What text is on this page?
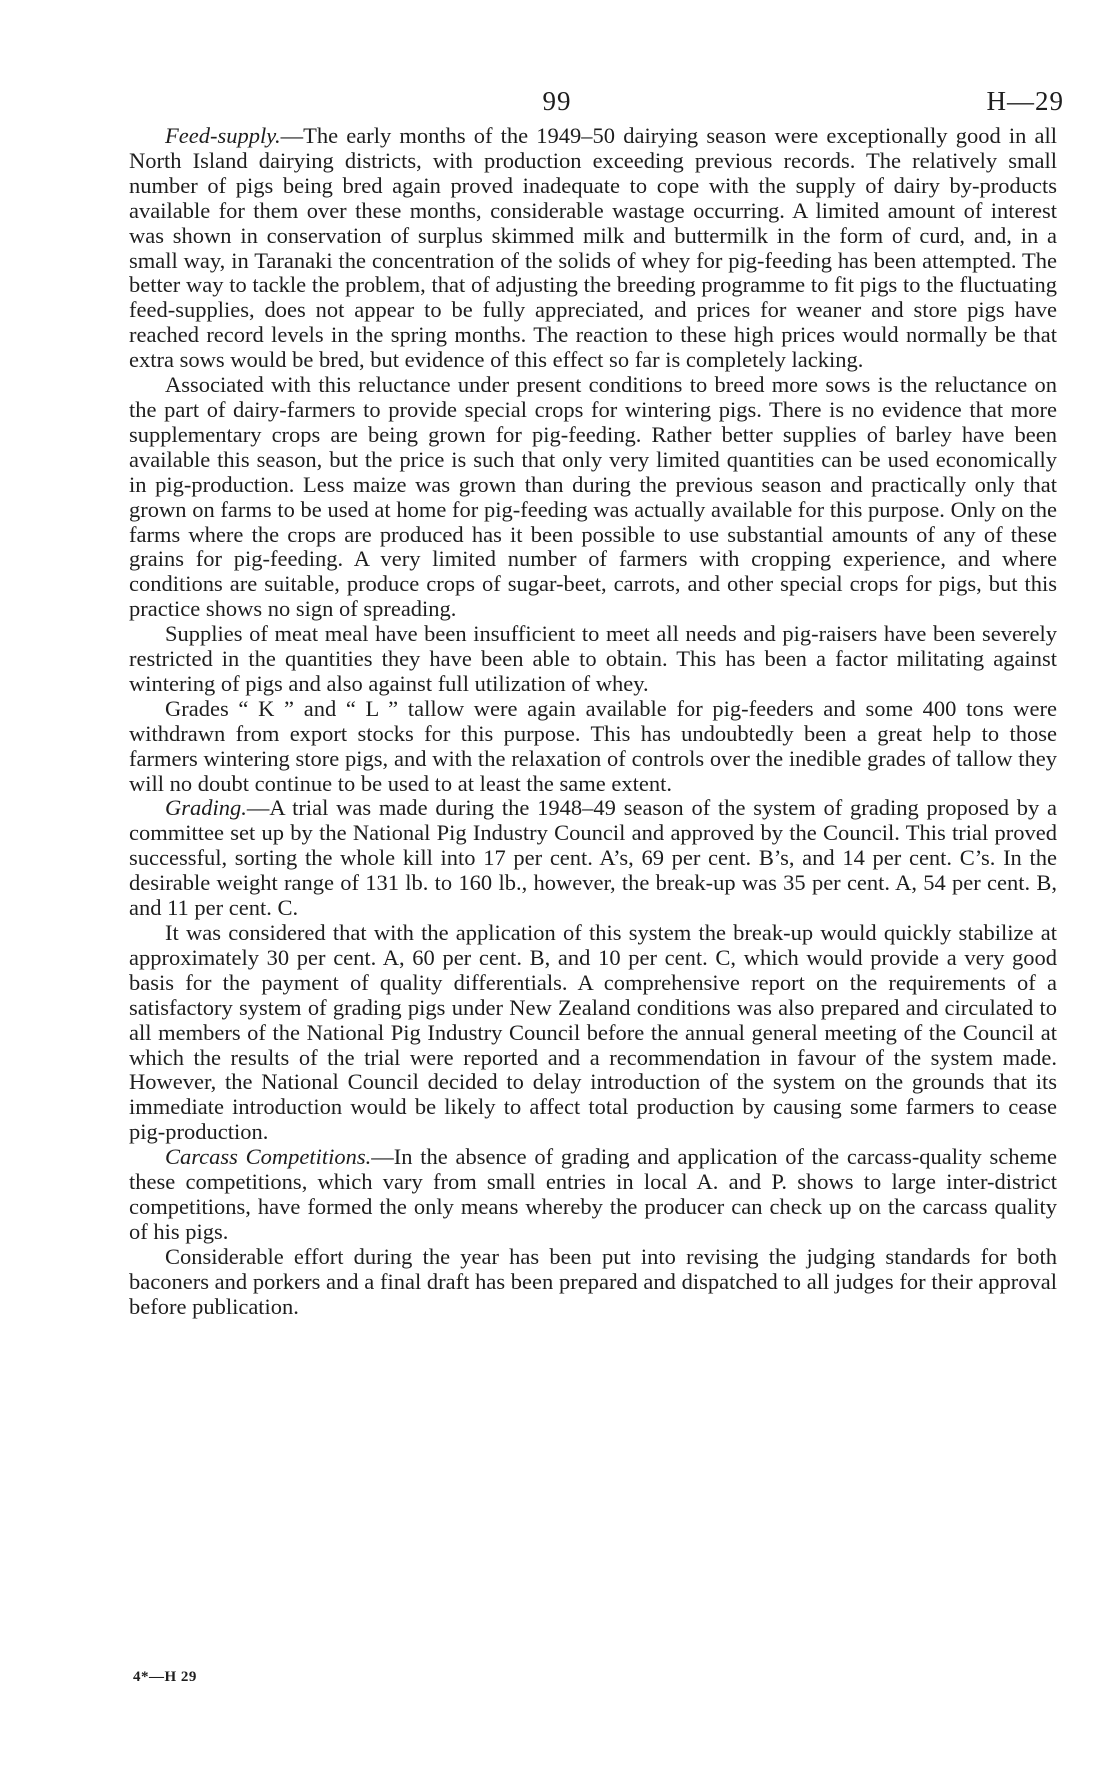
99	H—29

Feed-supply.—The early months of the 1949–50 dairying season were exceptionally good in all North Island dairying districts, with production exceeding previous records. The relatively small number of pigs being bred again proved inadequate to cope with the supply of dairy by-products available for them over these months, considerable wastage occurring. A limited amount of interest was shown in conservation of surplus skimmed milk and buttermilk in the form of curd, and, in a small way, in Taranaki the concentration of the solids of whey for pig-feeding has been attempted. The better way to tackle the problem, that of adjusting the breeding programme to fit pigs to the fluctuating feed-supplies, does not appear to be fully appreciated, and prices for weaner and store pigs have reached record levels in the spring months. The reaction to these high prices would normally be that extra sows would be bred, but evidence of this effect so far is completely lacking.

Associated with this reluctance under present conditions to breed more sows is the reluctance on the part of dairy-farmers to provide special crops for wintering pigs. There is no evidence that more supplementary crops are being grown for pig-feeding. Rather better supplies of barley have been available this season, but the price is such that only very limited quantities can be used economically in pig-production. Less maize was grown than during the previous season and practically only that grown on farms to be used at home for pig-feeding was actually available for this purpose. Only on the farms where the crops are produced has it been possible to use substantial amounts of any of these grains for pig-feeding. A very limited number of farmers with cropping experience, and where conditions are suitable, produce crops of sugar-beet, carrots, and other special crops for pigs, but this practice shows no sign of spreading.

Supplies of meat meal have been insufficient to meet all needs and pig-raisers have been severely restricted in the quantities they have been able to obtain. This has been a factor militating against wintering of pigs and also against full utilization of whey.

Grades “ K ” and “ L ” tallow were again available for pig-feeders and some 400 tons were withdrawn from export stocks for this purpose. This has undoubtedly been a great help to those farmers wintering store pigs, and with the relaxation of controls over the inedible grades of tallow they will no doubt continue to be used to at least the same extent.

Grading.—A trial was made during the 1948–49 season of the system of grading proposed by a committee set up by the National Pig Industry Council and approved by the Council. This trial proved successful, sorting the whole kill into 17 per cent. A’s, 69 per cent. B’s, and 14 per cent. C’s. In the desirable weight range of 131 lb. to 160 lb., however, the break-up was 35 per cent. A, 54 per cent. B, and 11 per cent. C.

It was considered that with the application of this system the break-up would quickly stabilize at approximately 30 per cent. A, 60 per cent. B, and 10 per cent. C, which would provide a very good basis for the payment of quality differentials. A comprehensive report on the requirements of a satisfactory system of grading pigs under New Zealand conditions was also prepared and circulated to all members of the National Pig Industry Council before the annual general meeting of the Council at which the results of the trial were reported and a recommendation in favour of the system made. However, the National Council decided to delay introduction of the system on the grounds that its immediate introduction would be likely to affect total production by causing some farmers to cease pig-production.

Carcass Competitions.—In the absence of grading and application of the carcass-quality scheme these competitions, which vary from small entries in local A. and P. shows to large inter-district competitions, have formed the only means whereby the producer can check up on the carcass quality of his pigs.

Considerable effort during the year has been put into revising the judging standards for both baconers and porkers and a final draft has been prepared and dispatched to all judges for their approval before publication.

4*—H 29
